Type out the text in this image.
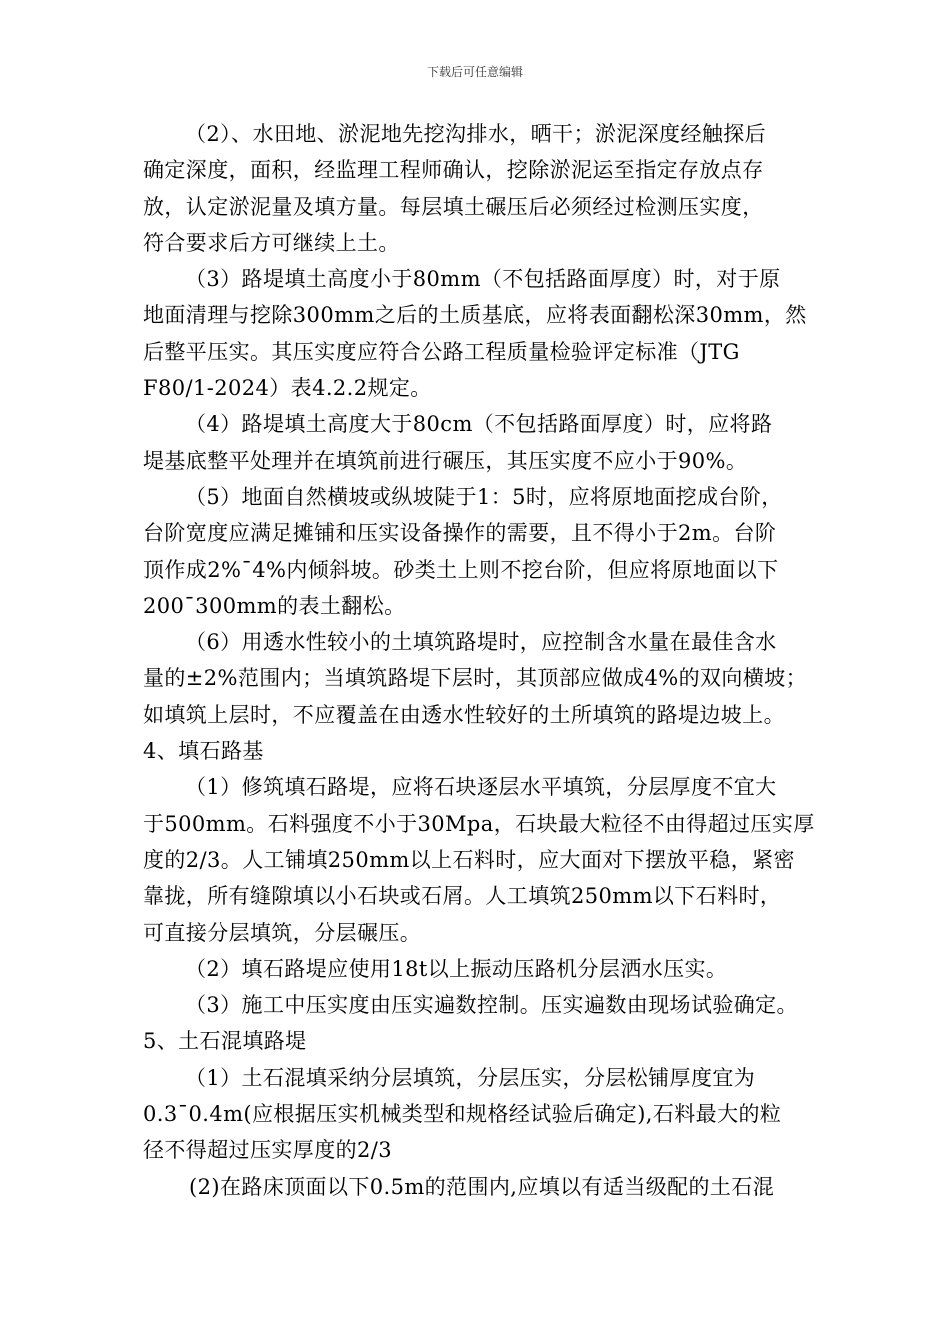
下载后可任意编辑

（2）、水田地、淤泥地先挖沟排水，晒干；淤泥深度经触探后

确定深度，面积，经监理工程师确认，挖除淤泥运至指定存放点存

放，认定淤泥量及填方量。每层填土碾压后必须经过检测压实度，

符合要求后方可继续上土。

（3）路堤填土高度小于80mm（不包括路面厚度）时，对于原

地面清理与挖除300mm之后的土质基底，应将表面翻松深30mm，然

后整平压实。其压实度应符合公路工程质量检验评定标准（JTG

F80/1-2024）表4.2.2规定。

（4）路堤填土高度大于80cm（不包括路面厚度）时，应将路

堤基底整平处理并在填筑前进行碾压，其压实度不应小于90%。

（5）地面自然横坡或纵坡陡于1：5时，应将原地面挖成台阶，

台阶宽度应满足摊铺和压实设备操作的需要，且不得小于2m。台阶

顶作成2%¯4%内倾斜坡。砂类土上则不挖台阶，但应将原地面以下

200¯300mm的表土翻松。

（6）用透水性较小的土填筑路堤时，应控制含水量在最佳含水

量的±2%范围内；当填筑路堤下层时，其顶部应做成4%的双向横坡；

如填筑上层时，不应覆盖在由透水性较好的土所填筑的路堤边坡上。

4、填石路基

（1）修筑填石路堤，应将石块逐层水平填筑，分层厚度不宜大

于500mm。石料强度不小于30Mpa，石块最大粒径不由得超过压实厚

度的2/3。人工铺填250mm以上石料时，应大面对下摆放平稳，紧密

靠拢，所有缝隙填以小石块或石屑。人工填筑250mm以下石料时，

可直接分层填筑，分层碾压。

（2）填石路堤应使用18t以上振动压路机分层洒水压实。

（3）施工中压实度由压实遍数控制。压实遍数由现场试验确定。

5、土石混填路堤

（1）土石混填采纳分层填筑，分层压实，分层松铺厚度宜为

0.3¯0.4m(应根据压实机械类型和规格经试验后确定),石料最大的粒

径不得超过压实厚度的2/3

(2)在路床顶面以下0.5m的范围内,应填以有适当级配的土石混
